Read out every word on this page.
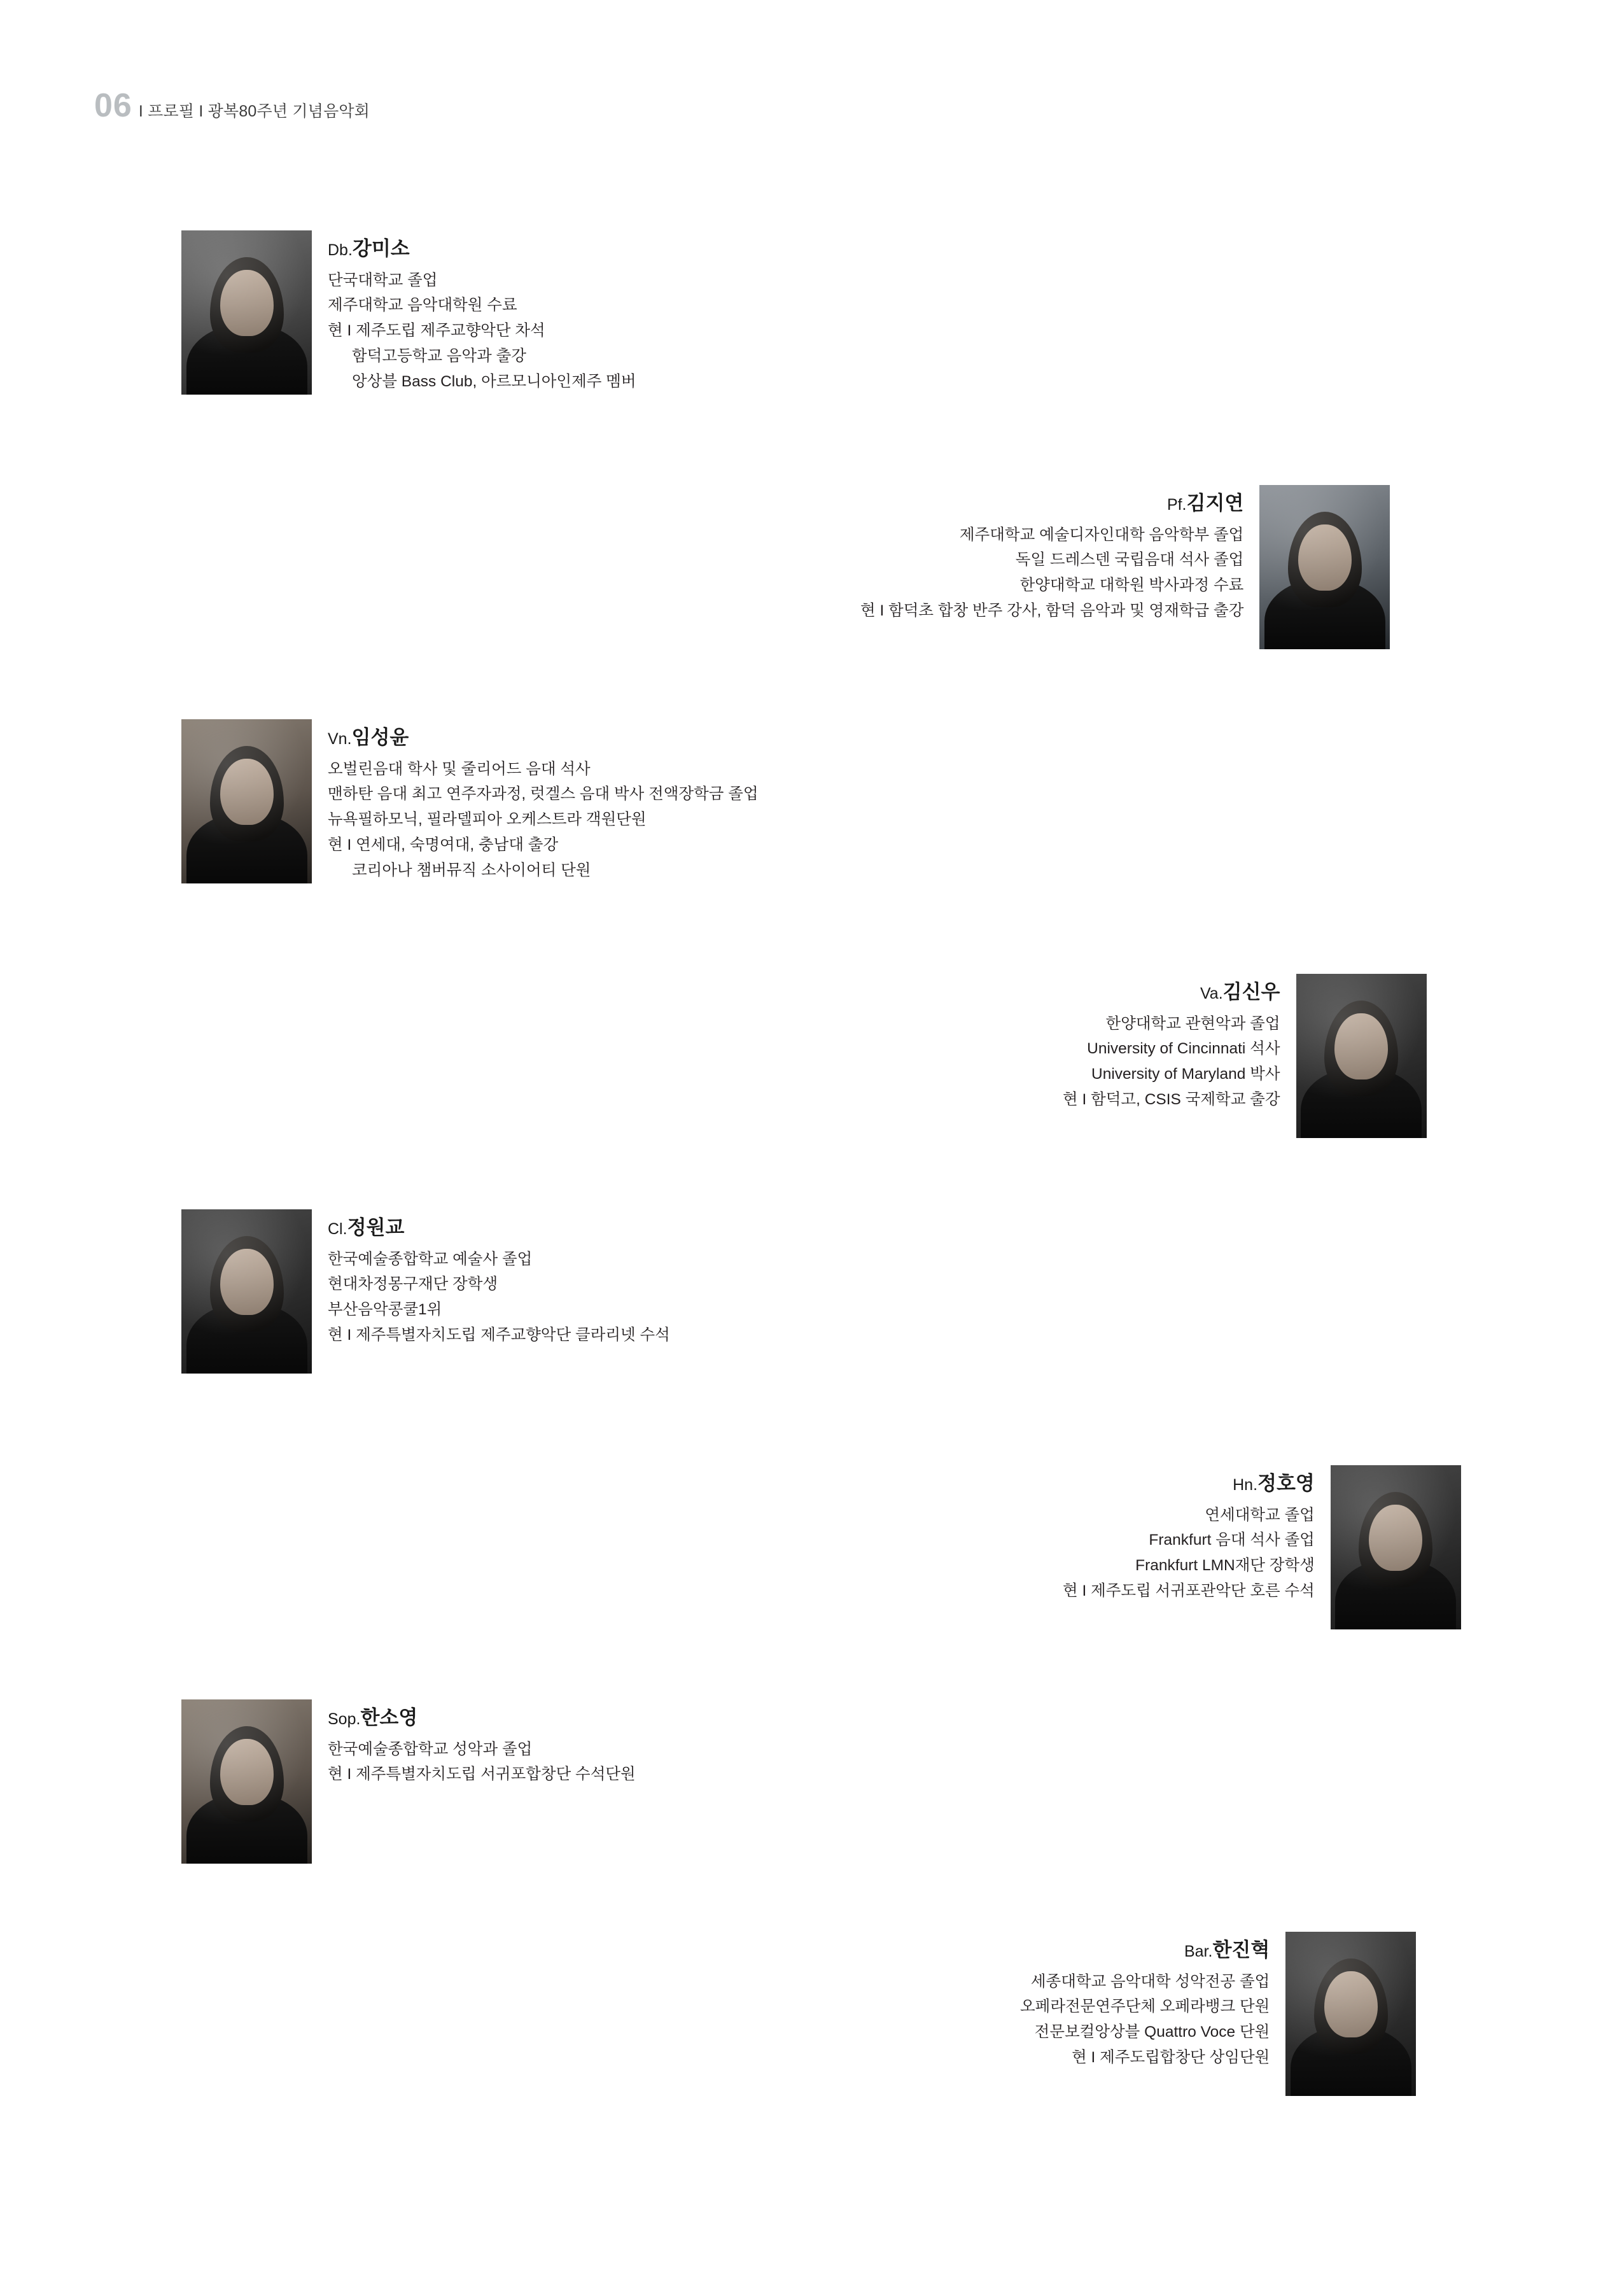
06 I 프로필 I 광복80주년 기념음악회
Db.강미소
단국대학교 졸업
제주대학교 음악대학원 수료
현 I 제주도립 제주교향악단 차석
함덕고등학교 음악과 출강
앙상블 Bass Club, 아르모니아인제주 멤버
Pf.김지연
제주대학교 예술디자인대학 음악학부 졸업
독일 드레스덴 국립음대 석사 졸업
한양대학교 대학원 박사과정 수료
현 I 함덕초 합창 반주 강사, 함덕 음악과 및 영재학급 출강
Vn.임성윤
오벌린음대 학사 및 줄리어드 음대 석사
맨하탄 음대 최고 연주자과정, 럿겔스 음대 박사 전액장학금 졸업
뉴욕필하모닉, 필라델피아 오케스트라 객원단원
현 I 연세대, 숙명여대, 충남대 출강
코리아나 챔버뮤직 소사이어티 단원
Va.김신우
한양대학교 관현악과 졸업
University of Cincinnati 석사
University of Maryland 박사
현 I 함덕고, CSIS 국제학교 출강
Cl.정원교
한국예술종합학교 예술사 졸업
현대차정몽구재단 장학생
부산음악콩쿨1위
현 I 제주특별자치도립 제주교향악단 클라리넷 수석
Hn.정호영
연세대학교 졸업
Frankfurt 음대 석사 졸업
Frankfurt LMN재단 장학생
현 I 제주도립 서귀포관악단 호른 수석
Sop.한소영
한국예술종합학교 성악과 졸업
현 I 제주특별자치도립 서귀포합창단 수석단원
Bar.한진혁
세종대학교 음악대학 성악전공 졸업
오페라전문연주단체 오페라뱅크 단원
전문보컬앙상블 Quattro Voce 단원
현 I 제주도립합창단 상임단원
